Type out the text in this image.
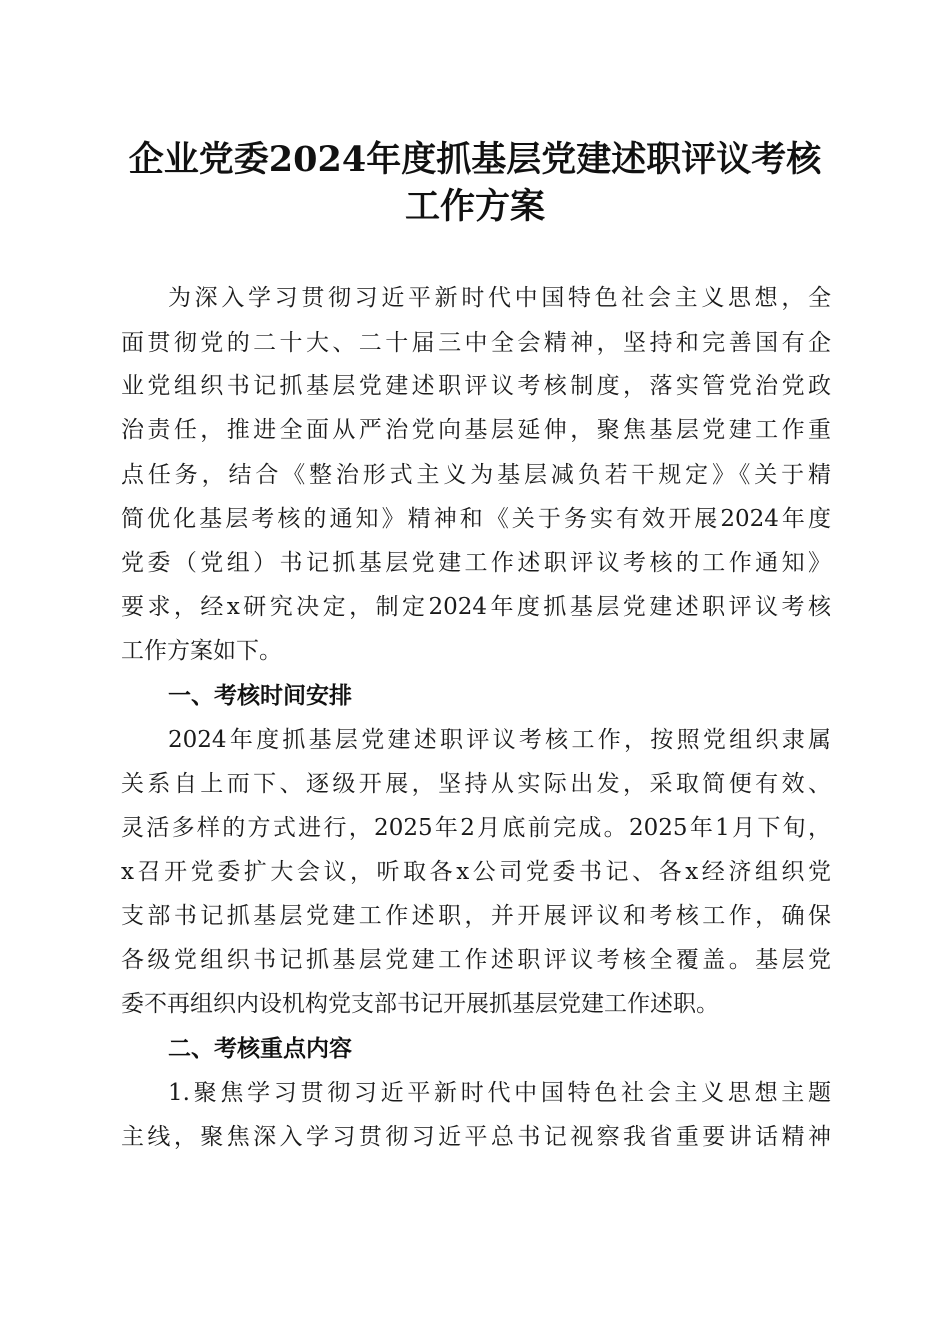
企业党委2024年度抓基层党建述职评议考核
工作方案
为深入学习贯彻习近平新时代中国特色社会主义思想，全
面贯彻党的二十大、二十届三中全会精神，坚持和完善国有企
业党组织书记抓基层党建述职评议考核制度，落实管党治党政
治责任，推进全面从严治党向基层延伸，聚焦基层党建工作重
点任务，结合《整治形式主义为基层减负若干规定》《关于精
简优化基层考核的通知》精神和《关于务实有效开展2024年度
党委（党组）书记抓基层党建工作述职评议考核的工作通知》
要求，经x研究决定，制定2024年度抓基层党建述职评议考核
工作方案如下。
一、考核时间安排
2024年度抓基层党建述职评议考核工作，按照党组织隶属
关系自上而下、逐级开展，坚持从实际出发，采取简便有效、
灵活多样的方式进行，2025年2月底前完成。2025年1月下旬，
x召开党委扩大会议，听取各x公司党委书记、各x经济组织党
支部书记抓基层党建工作述职，并开展评议和考核工作，确保
各级党组织书记抓基层党建工作述职评议考核全覆盖。基层党
委不再组织内设机构党支部书记开展抓基层党建工作述职。
二、考核重点内容
1.聚焦学习贯彻习近平新时代中国特色社会主义思想主题
主线，聚焦深入学习贯彻习近平总书记视察我省重要讲话精神
